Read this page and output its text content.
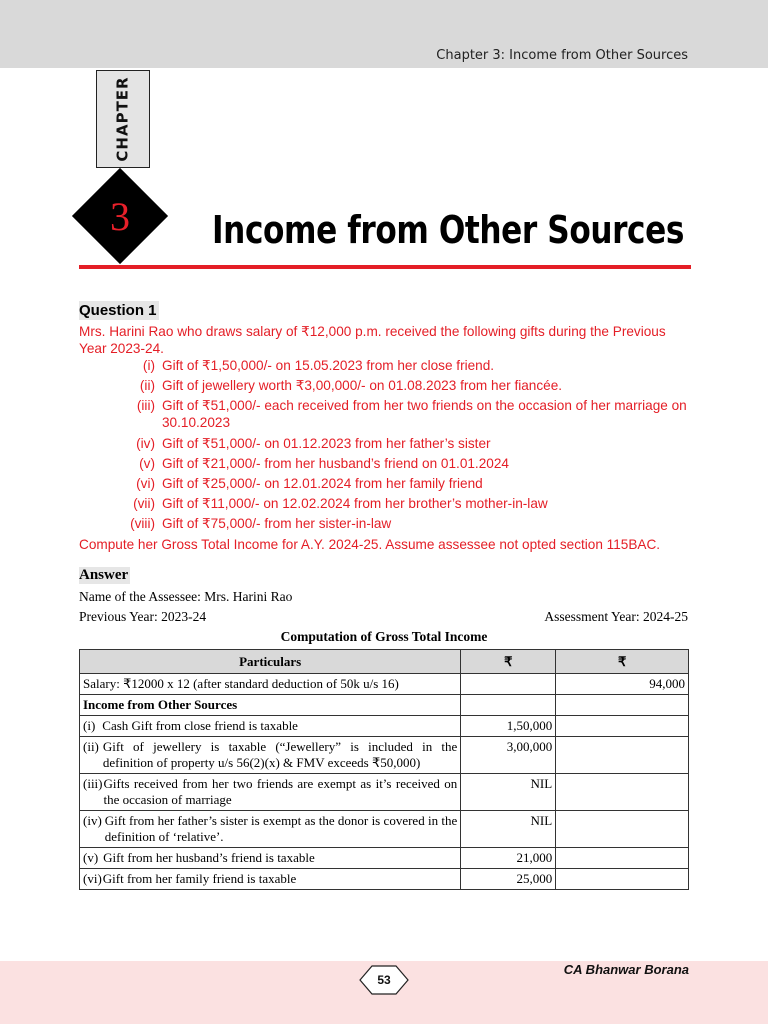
Chapter 3: Income from Other Sources
CHAPTER
3	Income from Other Sources
Question 1

Mrs. Harini Rao who draws salary of ₹12,000 p.m. received the following gifts during the Previous Year 2023-24.

(i) Gift of ₹1,50,000/- on 15.05.2023 from her close friend.
(ii) Gift of jewellery worth ₹3,00,000/- on 01.08.2023 from her fiancée.
(iii) Gift of ₹51,000/- each received from her two friends on the occasion of her marriage on 30.10.2023
(iv) Gift of ₹51,000/- on 01.12.2023 from her father’s sister
(v) Gift of ₹21,000/- from her husband’s friend on 01.01.2024
(vi) Gift of ₹25,000/- on 12.01.2024 from her family friend
(vii) Gift of ₹11,000/- on 12.02.2024 from her brother’s mother-in-law
(viii) Gift of ₹75,000/- from her sister-in-law

Compute her Gross Total Income for A.Y. 2024-25. Assume assessee not opted section 115BAC.

Answer
Name of the Assessee: Mrs. Harini Rao
Previous Year: 2023-24	Assessment Year: 2024-25
Computation of Gross Total Income
Particulars	₹	₹
Salary: ₹12000 x 12 (after standard deduction of 50k u/s 16)		94,000
Income from Other Sources		

(i) Cash Gift from close friend is taxable	1,50,000	

(ii) Gift of jewellery is taxable (“Jewellery” is included in the definition of property u/s 56(2)(x) & FMV exceeds ₹50,000)	3,00,000	

(iii) Gifts received from her two friends are exempt as it’s received on the occasion of marriage	NIL	

(iv) Gift from her father’s sister is exempt as the donor is covered in the definition of ‘relative’.	NIL	

(v) Gift from her husband’s friend is taxable	21,000	

(vi) Gift from her family friend is taxable	25,000	
53
CA Bhanwar Borana
